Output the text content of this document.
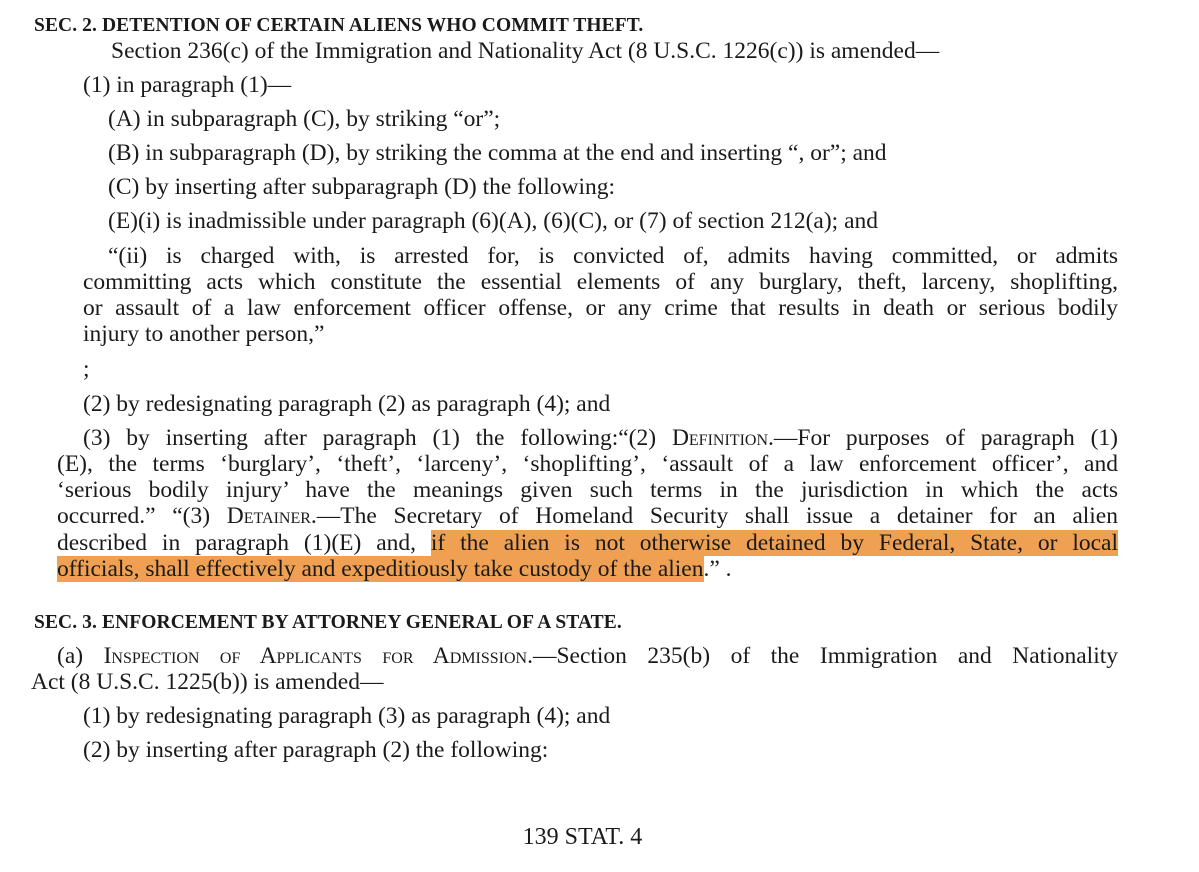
SEC. 2. DETENTION OF CERTAIN ALIENS WHO COMMIT THEFT.
Section 236(c) of the Immigration and Nationality Act (8 U.S.C. 1226(c)) is amended—
(1) in paragraph (1)—
(A) in subparagraph (C), by striking “or”;
(B) in subparagraph (D), by striking the comma at the end and inserting “, or”; and
(C) by inserting after subparagraph (D) the following:
(E)(i) is inadmissible under paragraph (6)(A), (6)(C), or (7) of section 212(a); and
“(ii) is charged with, is arrested for, is convicted of, admits having committed, or admits
committing acts which constitute the essential elements of any burglary, theft, larceny, shoplifting,
or assault of a law enforcement officer offense, or any crime that results in death or serious bodily
injury to another person,”
;
(2) by redesignating paragraph (2) as paragraph (4); and
(3) by inserting after paragraph (1) the following:“(2) Definition.—For purposes of paragraph (1)
(E), the terms ‘burglary’, ‘theft’, ‘larceny’, ‘shoplifting’, ‘assault of a law enforcement officer’, and
‘serious bodily injury’ have the meanings given such terms in the jurisdiction in which the acts
occurred.” “(3) Detainer.—The Secretary of Homeland Security shall issue a detainer for an alien
described in paragraph (1)(E) and, if the alien is not otherwise detained by Federal, State, or local
officials, shall effectively and expeditiously take custody of the alien.” .
SEC. 3. ENFORCEMENT BY ATTORNEY GENERAL OF A STATE.
(a) Inspection of Applicants for Admission.—Section 235(b) of the Immigration and Nationality
Act (8 U.S.C. 1225(b)) is amended—
(1) by redesignating paragraph (3) as paragraph (4); and
(2) by inserting after paragraph (2) the following:
139 STAT. 4
